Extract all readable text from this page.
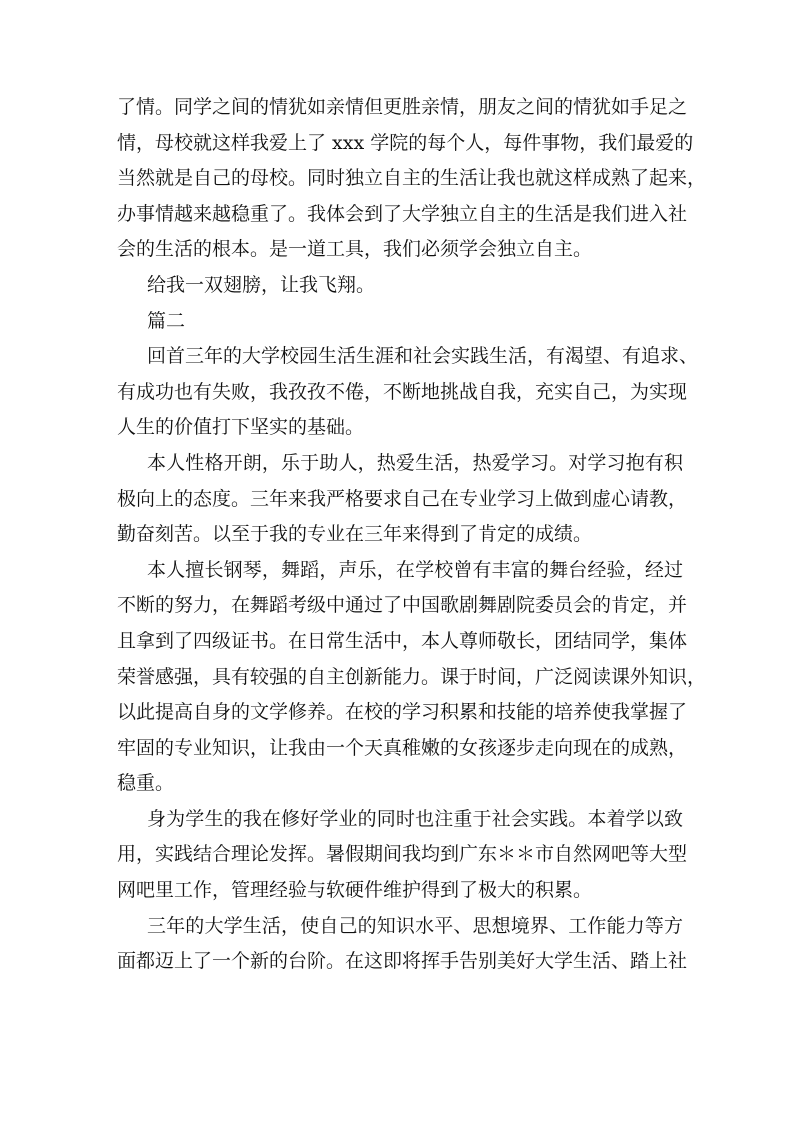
了情。同学之间的情犹如亲情但更胜亲情，朋友之间的情犹如手足之
情，母校就这样我爱上了 xxx 学院的每个人，每件事物，我们最爱的
当然就是自己的母校。同时独立自主的生活让我也就这样成熟了起来，
办事情越来越稳重了。我体会到了大学独立自主的生活是我们进入社
会的生活的根本。是一道工具，我们必须学会独立自主。
给我一双翅膀，让我飞翔。
篇二
回首三年的大学校园生活生涯和社会实践生活，有渴望、有追求、
有成功也有失败，我孜孜不倦，不断地挑战自我，充实自己，为实现
人生的价值打下坚实的基础。
本人性格开朗，乐于助人，热爱生活，热爱学习。对学习抱有积
极向上的态度。三年来我严格要求自己在专业学习上做到虚心请教，
勤奋刻苦。以至于我的专业在三年来得到了肯定的成绩。
本人擅长钢琴，舞蹈，声乐，在学校曾有丰富的舞台经验，经过
不断的努力，在舞蹈考级中通过了中国歌剧舞剧院委员会的肯定，并
且拿到了四级证书。在日常生活中，本人尊师敬长，团结同学，集体
荣誉感强，具有较强的自主创新能力。课于时间，广泛阅读课外知识，
以此提高自身的文学修养。在校的学习积累和技能的培养使我掌握了
牢固的专业知识，让我由一个天真稚嫩的女孩逐步走向现在的成熟，
稳重。
身为学生的我在修好学业的同时也注重于社会实践。本着学以致
用，实践结合理论发挥。暑假期间我均到广东＊＊市自然网吧等大型
网吧里工作，管理经验与软硬件维护得到了极大的积累。
三年的大学生活，使自己的知识水平、思想境界、工作能力等方
面都迈上了一个新的台阶。在这即将挥手告别美好大学生活、踏上社
